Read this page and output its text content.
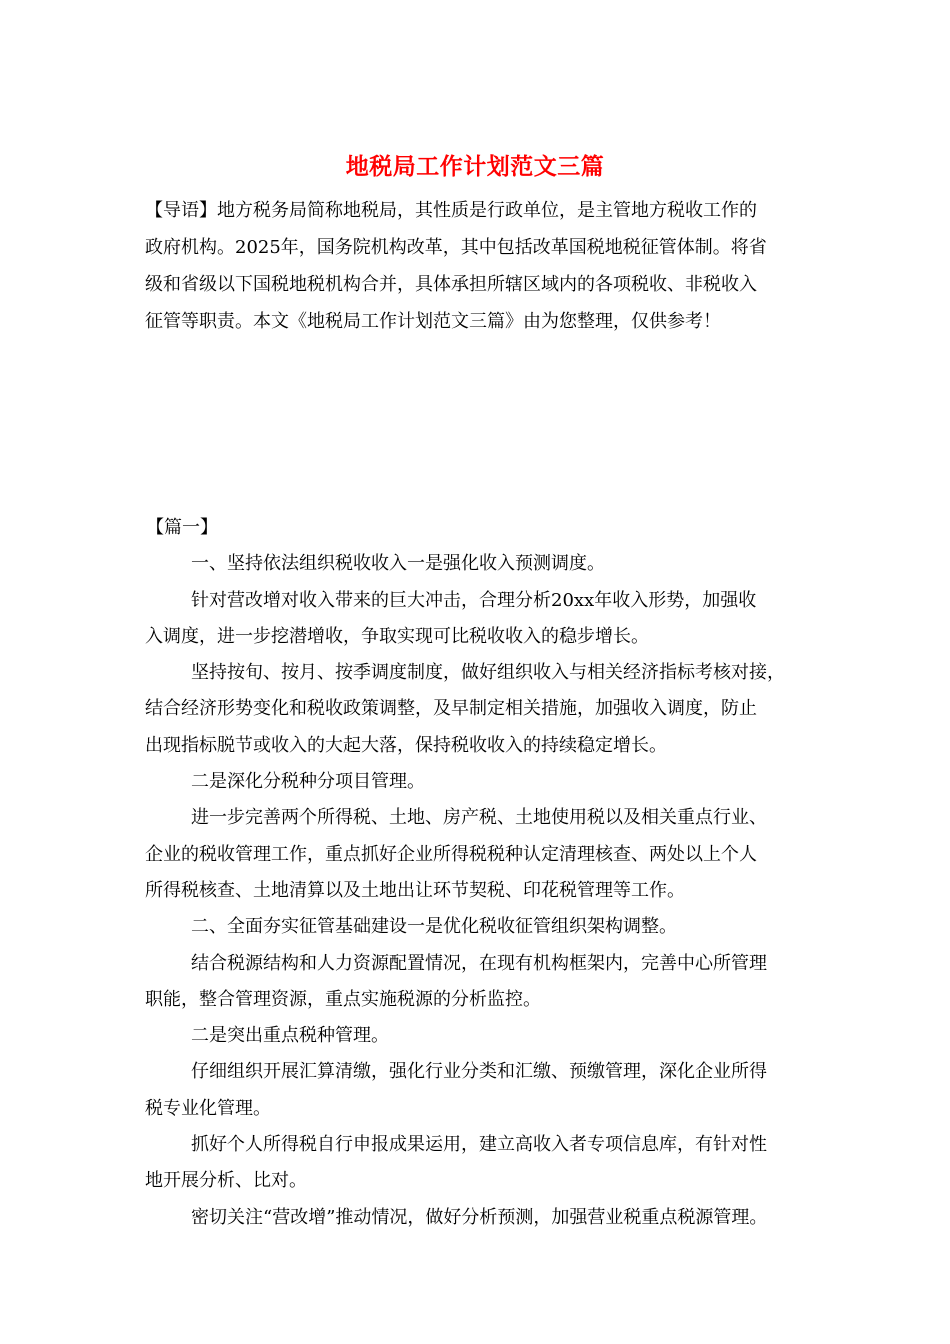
地税局工作计划范文三篇

【导语】地方税务局简称地税局，其性质是行政单位，是主管地方税收工作的

政府机构。2025年，国务院机构改革，其中包括改革国税地税征管体制。将省

级和省级以下国税地税机构合并，具体承担所辖区域内的各项税收、非税收入

征管等职责。本文《地税局工作计划范文三篇》由为您整理，仅供参考！

【篇一】

一、坚持依法组织税收收入一是强化收入预测调度。

针对营改增对收入带来的巨大冲击，合理分析20xx年收入形势，加强收

入调度，进一步挖潜增收，争取实现可比税收收入的稳步增长。

坚持按旬、按月、按季调度制度，做好组织收入与相关经济指标考核对接，

结合经济形势变化和税收政策调整，及早制定相关措施，加强收入调度，防止

出现指标脱节或收入的大起大落，保持税收收入的持续稳定增长。

二是深化分税种分项目管理。

进一步完善两个所得税、土地、房产税、土地使用税以及相关重点行业、

企业的税收管理工作，重点抓好企业所得税税种认定清理核查、两处以上个人

所得税核查、土地清算以及土地出让环节契税、印花税管理等工作。

二、全面夯实征管基础建设一是优化税收征管组织架构调整。

结合税源结构和人力资源配置情况，在现有机构框架内，完善中心所管理

职能，整合管理资源，重点实施税源的分析监控。

二是突出重点税种管理。

仔细组织开展汇算清缴，强化行业分类和汇缴、预缴管理，深化企业所得

税专业化管理。

抓好个人所得税自行申报成果运用，建立高收入者专项信息库，有针对性

地开展分析、比对。

密切关注“营改增”推动情况，做好分析预测，加强营业税重点税源管理。
